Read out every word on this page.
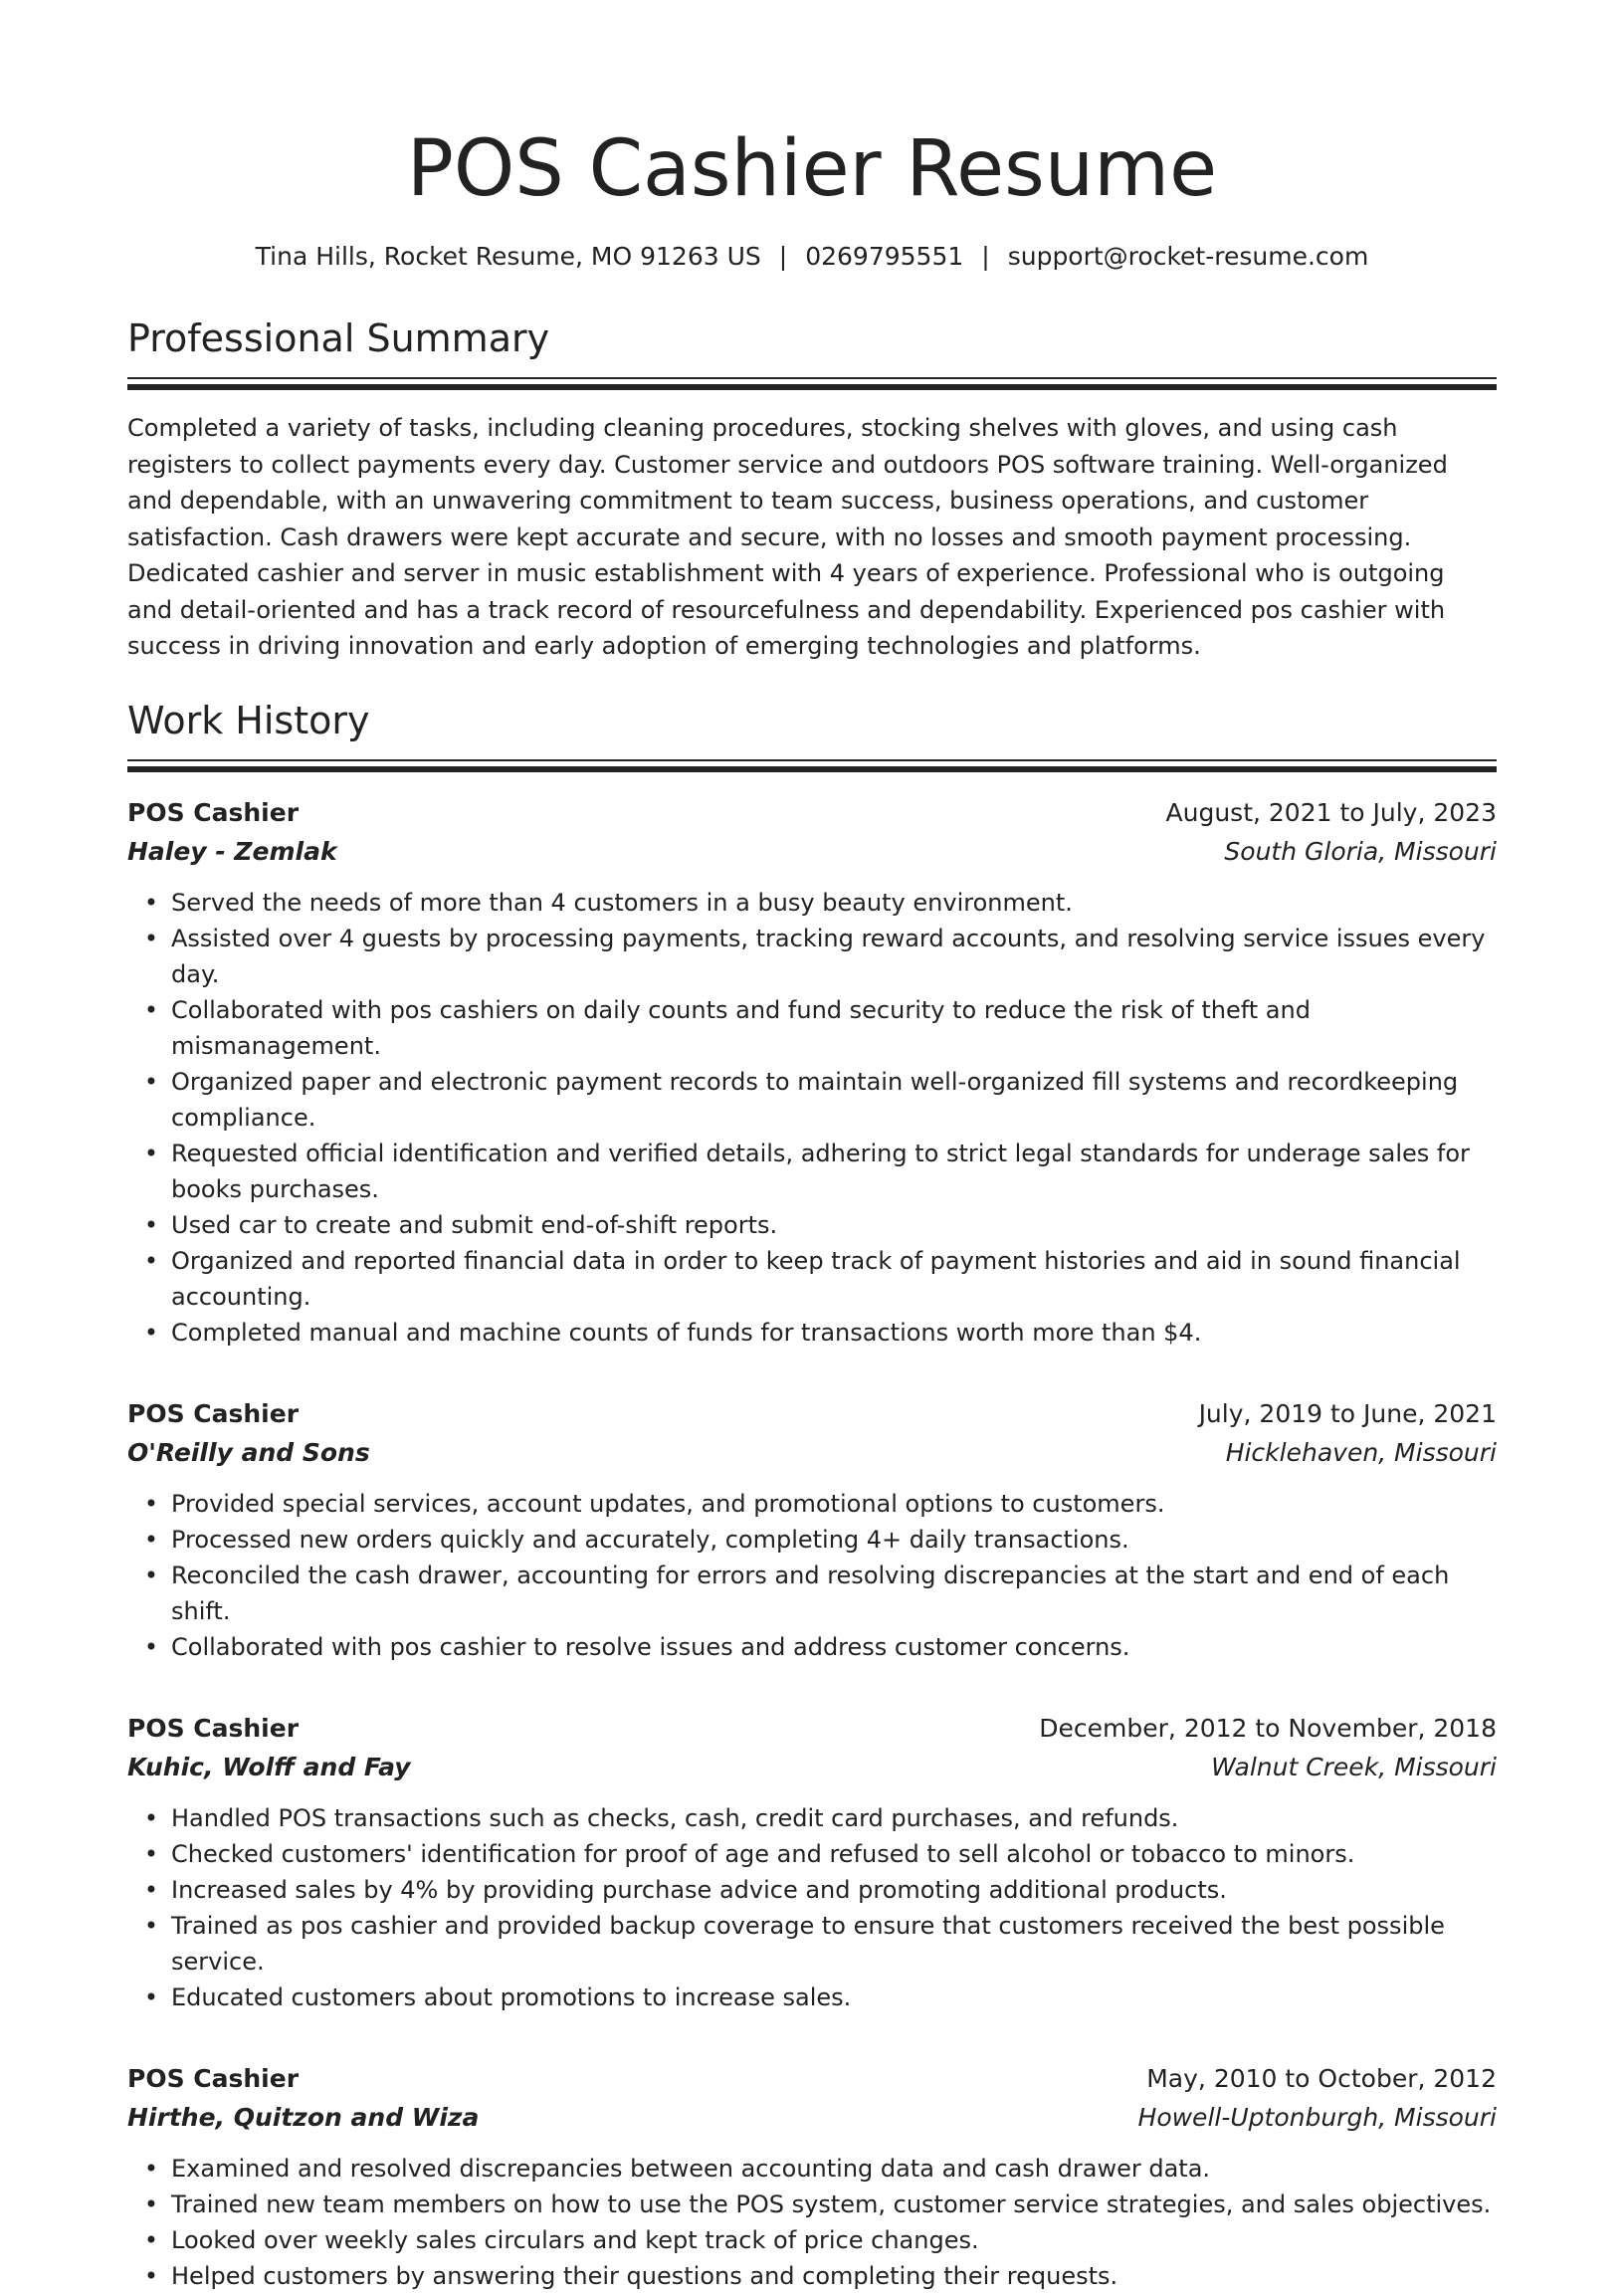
POS Cashier Resume
Tina Hills, Rocket Resume, MO 91263 US | 0269795551 | support@rocket-resume.com
Professional Summary

Completed a variety of tasks, including cleaning procedures, stocking shelves with gloves, and using cash registers to collect payments every day. Customer service and outdoors POS software training. Well-organized and dependable, with an unwavering commitment to team success, business operations, and customer satisfaction. Cash drawers were kept accurate and secure, with no losses and smooth payment processing. Dedicated cashier and server in music establishment with 4 years of experience. Professional who is outgoing and detail-oriented and has a track record of resourcefulness and dependability. Experienced pos cashier with success in driving innovation and early adoption of emerging technologies and platforms.

Work History
POS Cashier	August, 2021 to July, 2023
Haley - Zemlak	South Gloria, Missouri
• Served the needs of more than 4 customers in a busy beauty environment.
• Assisted over 4 guests by processing payments, tracking reward accounts, and resolving service issues every day.
• Collaborated with pos cashiers on daily counts and fund security to reduce the risk of theft and mismanagement.
• Organized paper and electronic payment records to maintain well-organized fill systems and recordkeeping compliance.
• Requested official identification and verified details, adhering to strict legal standards for underage sales for books purchases.
• Used car to create and submit end-of-shift reports.
• Organized and reported financial data in order to keep track of payment histories and aid in sound financial accounting.
• Completed manual and machine counts of funds for transactions worth more than $4.
POS Cashier	July, 2019 to June, 2021
O'Reilly and Sons	Hicklehaven, Missouri
• Provided special services, account updates, and promotional options to customers.
• Processed new orders quickly and accurately, completing 4+ daily transactions.
• Reconciled the cash drawer, accounting for errors and resolving discrepancies at the start and end of each shift.
• Collaborated with pos cashier to resolve issues and address customer concerns.
POS Cashier	December, 2012 to November, 2018
Kuhic, Wolff and Fay	Walnut Creek, Missouri
• Handled POS transactions such as checks, cash, credit card purchases, and refunds.
• Checked customers' identification for proof of age and refused to sell alcohol or tobacco to minors.
• Increased sales by 4% by providing purchase advice and promoting additional products.
• Trained as pos cashier and provided backup coverage to ensure that customers received the best possible service.
• Educated customers about promotions to increase sales.
POS Cashier	May, 2010 to October, 2012
Hirthe, Quitzon and Wiza	Howell-Uptonburgh, Missouri
• Examined and resolved discrepancies between accounting data and cash drawer data.
• Trained new team members on how to use the POS system, customer service strategies, and sales objectives.
• Looked over weekly sales circulars and kept track of price changes.
• Helped customers by answering their questions and completing their requests.
